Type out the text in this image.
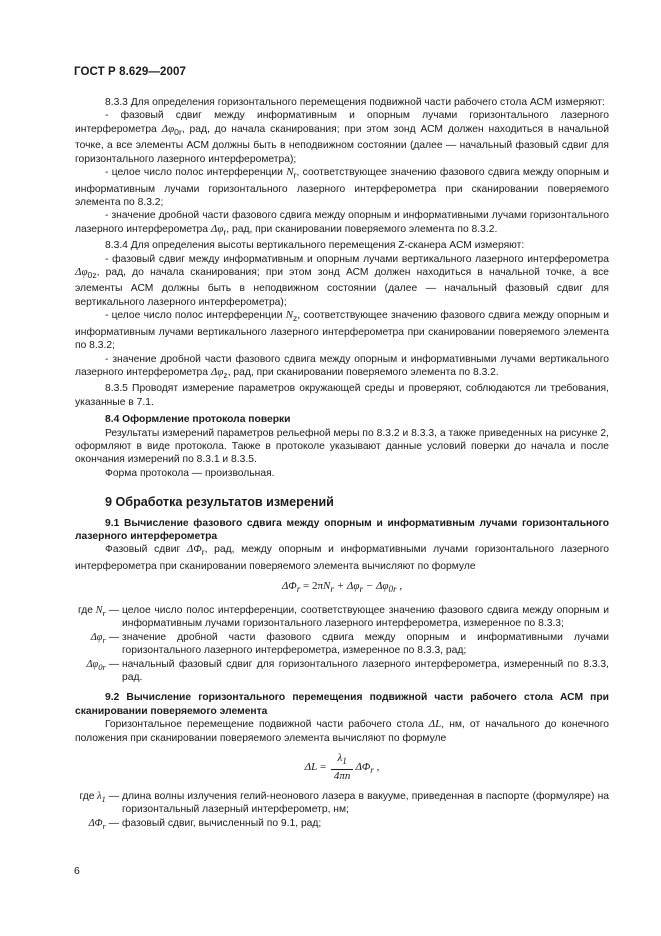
ГОСТ Р 8.629—2007

8.3.3 Для определения горизонтального перемещения подвижной части рабочего стола АСМ измеряют:

- фазовый сдвиг между информативным и опорным лучами горизонтального лазерного интерферометра $\Delta\varphi_{0r}$, рад, до начала сканирования; при этом зонд АСМ должен находиться в начальной точке, а все элементы АСМ должны быть в неподвижном состоянии (далее — начальный фазовый сдвиг для горизонтального лазерного интерферометра);

- целое число полос интерференции $N_r$, соответствующее значению фазового сдвига между опорным и информативным лучами горизонтального лазерного интерферометра при сканировании поверяемого элемента по 8.3.2;

- значение дробной части фазового сдвига между опорным и информативными лучами горизонтального лазерного интерферометра $\Delta\varphi_r$, рад, при сканировании поверяемого элемента по 8.3.2.

8.3.4 Для определения высоты вертикального перемещения Z-сканера АСМ измеряют:

- фазовый сдвиг между информативным и опорным лучами вертикального лазерного интерферометра $\Delta\varphi_{0z}$, рад, до начала сканирования; при этом зонд АСМ должен находиться в начальной точке, а все элементы АСМ должны быть в неподвижном состоянии (далее — начальный фазовый сдвиг для вертикального лазерного интерферометра);

- целое число полос интерференции $N_z$, соответствующее значению фазового сдвига между опорным и информативным лучами вертикального лазерного интерферометра при сканировании поверяемого элемента по 8.3.2;

- значение дробной части фазового сдвига между опорным и информативными лучами вертикального лазерного интерферометра $\Delta\varphi_z$, рад, при сканировании поверяемого элемента по 8.3.2.

8.3.5 Проводят измерение параметров окружающей среды и проверяют, соблюдаются ли требования, указанные в 7.1.

8.4 Оформление протокола поверки

Результаты измерений параметров рельефной меры по 8.3.2 и 8.3.3, а также приведенных на рисунке 2, оформляют в виде протокола. Также в протоколе указывают данные условий поверки до начала и после окончания измерений по 8.3.1 и 8.3.5.

Форма протокола — произвольная.

9 Обработка результатов измерений

9.1 Вычисление фазового сдвига между опорным и информативным лучами горизонтального лазерного интерферометра

Фазовый сдвиг $\Delta\Phi_r$, рад, между опорным и информативными лучами горизонтального лазерного интерферометра при сканировании поверяемого элемента вычисляют по формуле

$\Delta\Phi_r = 2\pi N_r + \Delta\varphi_r - \Delta\varphi_{0r}$ ,

где $N_r$ —	целое число полос интерференции, соответствующее значению фазового сдвига между опорным и информативным лучами горизонтального лазерного интерферометра, измеренное по 8.3.3;
$\Delta\varphi_r$ —	значение дробной части фазового сдвига между опорным и информативными лучами горизонтального лазерного интерферометра, измеренное по 8.3.3, рад;
$\Delta\varphi_{0r}$ —	начальный фазовый сдвиг для горизонтального лазерного интерферометра, измеренный по 8.3.3, рад.

9.2 Вычисление горизонтального перемещения подвижной части рабочего стола АСМ при сканировании поверяемого элемента

Горизонтальное перемещение подвижной части рабочего стола ΔL, нм, от начального до конечного положения при сканировании поверяемого элемента вычисляют по формуле

$\Delta L = \frac{\lambda_1}{4\pi n} \Delta\Phi_r$ ,

где $\lambda_1$ —	длина волны излучения гелий-неонового лазера в вакууме, приведенная в паспорте (формуляре) на горизонтальный лазерный интерферометр, нм;
$\Delta\Phi_r$ —	фазовый сдвиг, вычисленный по 9.1, рад;
6
